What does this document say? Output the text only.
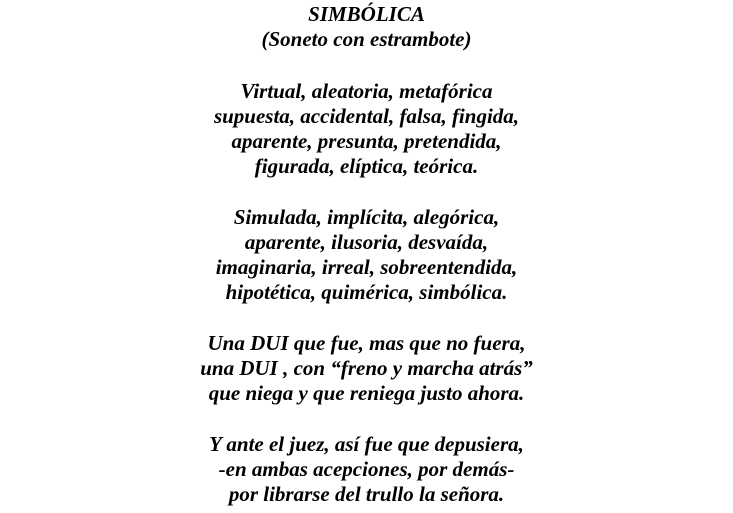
SIMBÓLICA
(Soneto con estrambote)
Virtual, aleatoria, metafórica
supuesta, accidental, falsa, fingida,
aparente, presunta, pretendida,
figurada, elíptica, teórica.
Simulada, implícita, alegórica,
aparente, ilusoria, desvaída,
imaginaria, irreal, sobreentendida,
hipotética, quimérica, simbólica.
Una DUI que fue, mas que no fuera,
una DUI , con “freno y marcha atrás”
que niega y que reniega justo ahora.
Y ante el juez, así fue que depusiera,
-en ambas acepciones, por demás-
por librarse del trullo la señora.
